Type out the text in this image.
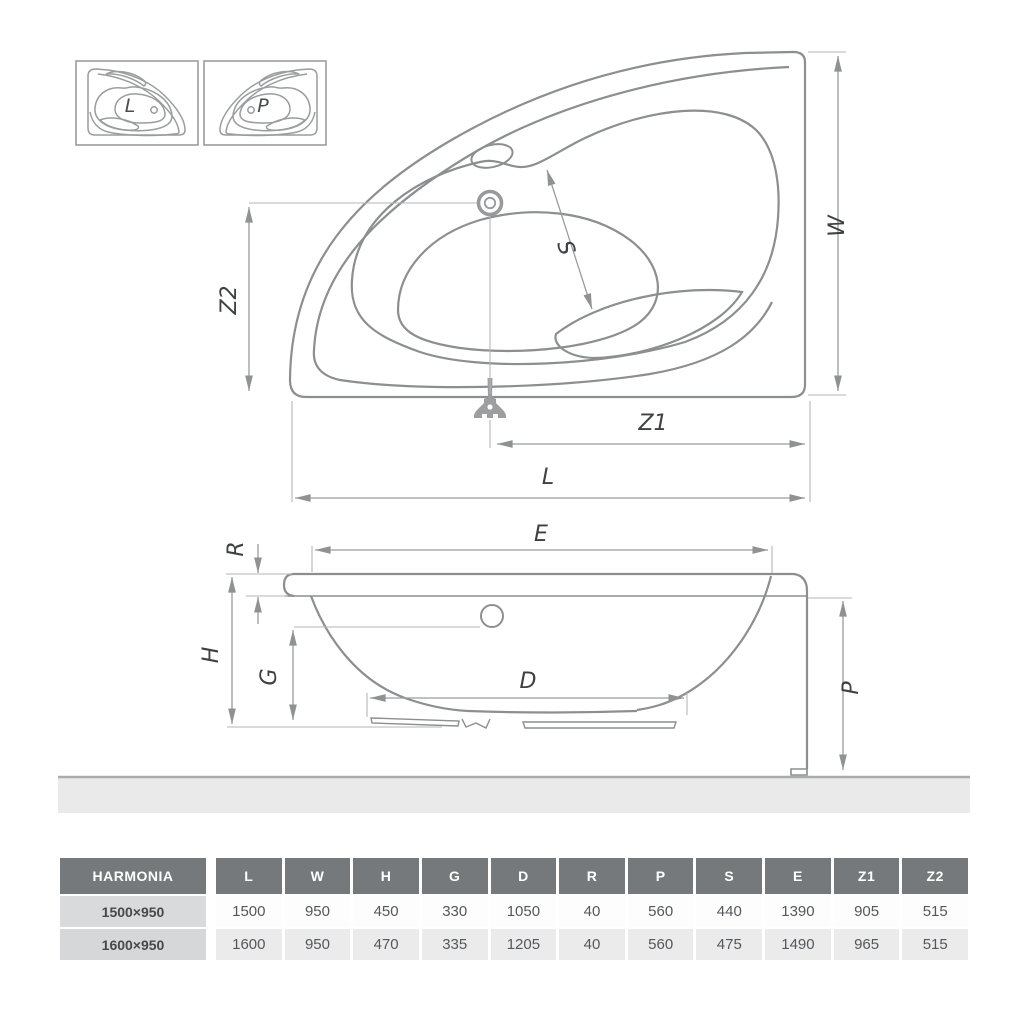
L	P
W
Z2
S
Z1
L
E
R
H
G	D	P
HARMONIA	L	W	H	G	D	R	P	S	E	Z1	Z2
1500×950	1500	950	450	330	1050	40	560	440	1390	905	515
1600×950	1600	950	470	335	1205	40	560	475	1490	965	515
